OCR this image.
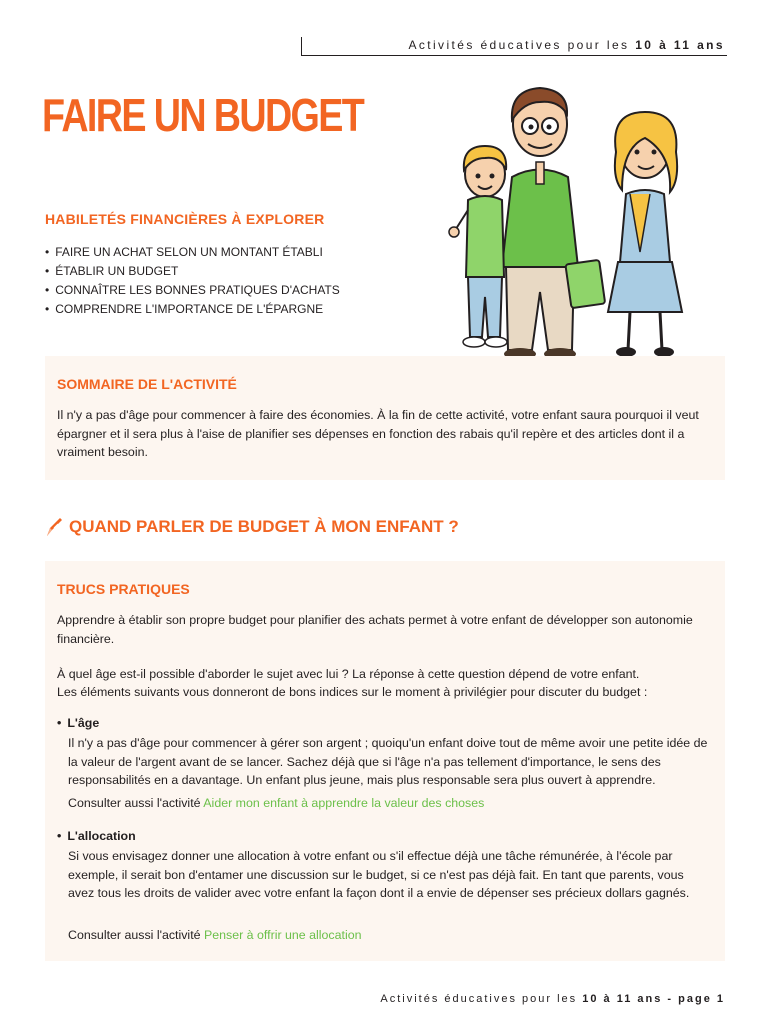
Activités éducatives pour les 10 à 11 ans
FAIRE UN BUDGET
HABILETÉS FINANCIÈRES À EXPLORER
• FAIRE UN ACHAT SELON UN MONTANT ÉTABLI
• ÉTABLIR UN BUDGET
• CONNAÎTRE LES BONNES PRATIQUES D'ACHATS
• COMPRENDRE L'IMPORTANCE DE L'ÉPARGNE
SOMMAIRE DE L'ACTIVITÉ

Il n'y a pas d'âge pour commencer à faire des économies. À la fin de cette activité, votre enfant saura pourquoi il veut épargner et il sera plus à l'aise de planifier ses dépenses en fonction des rabais qu'il repère et des articles dont il a vraiment besoin.

QUAND PARLER DE BUDGET À MON ENFANT ?
TRUCS PRATIQUES

Apprendre à établir son propre budget pour planifier des achats permet à votre enfant de développer son autonomie financière.

À quel âge est-il possible d'aborder le sujet avec lui ? La réponse à cette question dépend de votre enfant.

Les éléments suivants vous donneront de bons indices sur le moment à privilégier pour discuter du budget :

• L'âge

Il n'y a pas d'âge pour commencer à gérer son argent ; quoiqu'un enfant doive tout de même avoir une petite idée de la valeur de l'argent avant de se lancer. Sachez déjà que si l'âge n'a pas tellement d'importance, le sens des responsabilités en a davantage. Un enfant plus jeune, mais plus responsable sera plus ouvert à apprendre.

Consulter aussi l'activité Aider mon enfant à apprendre la valeur des choses
• L'allocation

Si vous envisagez donner une allocation à votre enfant ou s'il effectue déjà une tâche rémunérée, à l'école par exemple, il serait bon d'entamer une discussion sur le budget, si ce n'est pas déjà fait. En tant que parents, vous avez tous les droits de valider avec votre enfant la façon dont il a envie de dépenser ses précieux dollars gagnés.

Consulter aussi l'activité Penser à offrir une allocation
Activités éducatives pour les 10 à 11 ans - page 1
